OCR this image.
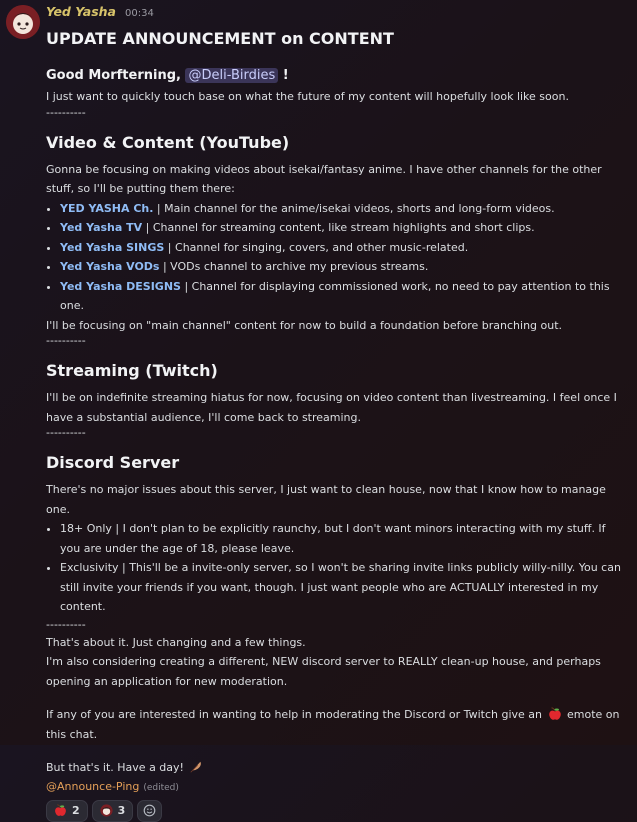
Yed Yasha 00:34
UPDATE ANNOUNCEMENT on CONTENT
Good Morfterning, @Deli-Birdies !

I just want to quickly touch base on what the future of my content will hopefully look like soon.

----------

Video & Content (YouTube)

Gonna be focusing on making videos about isekai/fantasy anime. I have other channels for the other stuff, so I'll be putting them there:

• YED YASHA Ch. | Main channel for the anime/isekai videos, shorts and long-form videos.
• Yed Yasha TV | Channel for streaming content, like stream highlights and short clips.
• Yed Yasha SINGS | Channel for singing, covers, and other music-related.
• Yed Yasha VODs | VODs channel to archive my previous streams.
• Yed Yasha DESIGNS | Channel for displaying commissioned work, no need to pay attention to this one.

I'll be focusing on "main channel" content for now to build a foundation before branching out.

----------

Streaming (Twitch)

I'll be on indefinite streaming hiatus for now, focusing on video content than livestreaming. I feel once I have a substantial audience, I'll come back to streaming.

----------

Discord Server

There's no major issues about this server, I just want to clean house, now that I know how to manage one.

• 18+ Only | I don't plan to be explicitly raunchy, but I don't want minors interacting with my stuff. If you are under the age of 18, please leave.
• Exclusivity | This'll be a invite-only server, so I won't be sharing invite links publicly willy-nilly. You can still invite your friends if you want, though. I just want people who are ACTUALLY interested in my content.

----------

That's about it. Just changing and a few things.

I'm also considering creating a different, NEW discord server to REALLY clean-up house, and perhaps opening an application for new moderation.

If any of you are interested in wanting to help in moderating the Discord or Twitch give an emote on this chat.

But that's it. Have a day!

@Announce-Ping (edited)

2	3
